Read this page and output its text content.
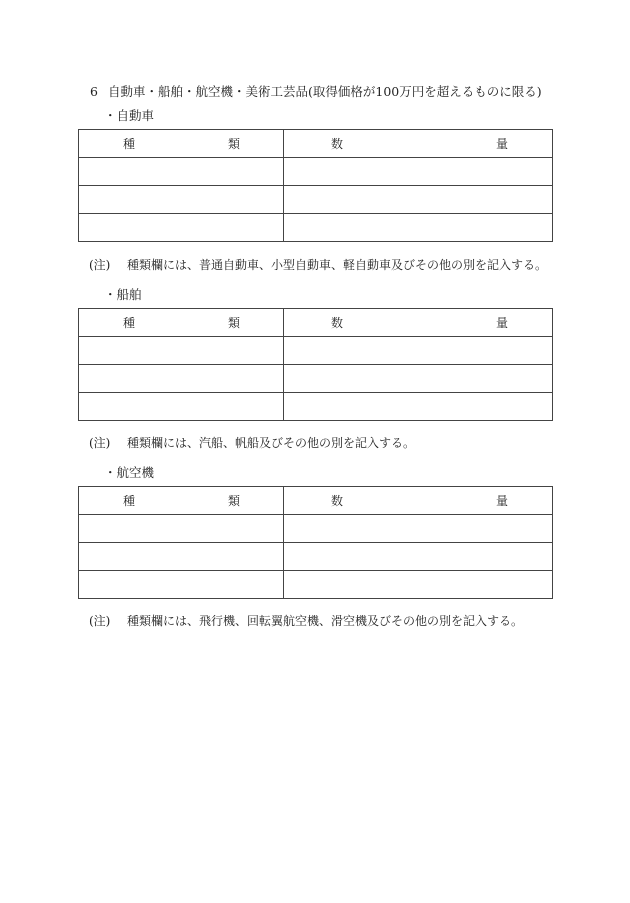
6 自動車・船舶・航空機・美術工芸品(取得価格が100万円を超えるものに限る)
・自動車
種 類	数 量

(注) 種類欄には、普通自動車、小型自動車、軽自動車及びその他の別を記入する。
・船舶
種 類	数 量

(注) 種類欄には、汽船、帆船及びその他の別を記入する。
・航空機
種 類	数 量

(注) 種類欄には、飛行機、回転翼航空機、滑空機及びその他の別を記入する。
